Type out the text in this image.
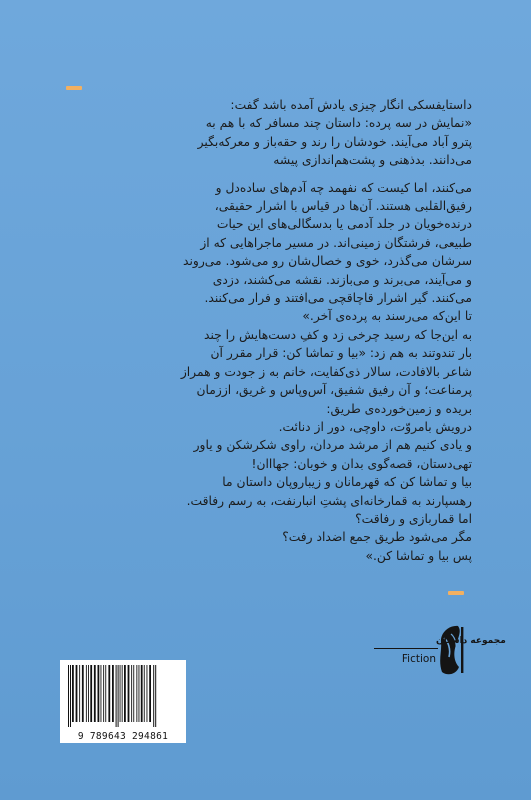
داستایفسکی انگار چیزی یادش آمده باشد گفت:

«نمایش در سه پرده: داستان چند مسافر که با هم به

پترو آباد می‌آیند. خودشان را رند و حقه‌باز و معرکه‌بگیر

می‌دانند. بدذهنی و پشت‌هم‌اندازی پیشه

می‌کنند، اما کیست که نفهمد چه آدم‌های ساده‌دل و

رفیق‌القلبی هستند. آن‌ها در قیاس با اشرار حقیقی،

درنده‌خویان در جلد آدمی یا بدسگالی‌های این حیات

طبیعی، فرشتگان زمینی‌اند. در مسیر ماجراهایی که از

سرشان می‌گذرد، خوی و خصال‌شان رو می‌شود. می‌روند

و می‌آیند، می‌برند و می‌بازند. نقشه می‌کشند، دزدی

می‌کنند. گیر اشرار قاچاقچی می‌افتند و فرار می‌کنند.

تا این‌که می‌رسند به پرده‌ی آخر.»

به این‌جا که رسید چرخی زد و کفِ دست‌هایش را چند

بار تندوتند به هم زد: «بیا و تماشا کن: قرار مقرر آن

شاعر بالافادت، سالار ذی‌کفایت، خانم به ز جودت و همراز

پرمناعت؛ و آن رفیق شفیق، آس‌وپاس و غریق، اززمان

بریده و زمین‌خورده‌ی طریق:

درویش بامروّت، داوچی، دور از دنائت.

و یادی کنیم هم از مرشد مردان، راوی شکرشکن و یاور

تهی‌دستان، قصه‌گوی بدان و خوبان: جهااان!

بیا و تماشا کن که قهرمانان و زیباروپان داستان ما

رهسپارند به قمارخانه‌ای پشتِ انبارنفت، به رسم رفاقت.

اما قماربازی و رفاقت؟

مگر می‌شود طریق جمع اضداد رفت؟

پس بیا و تماشا کن.»

مجموعه داستان
Fiction
9 789643 294861
